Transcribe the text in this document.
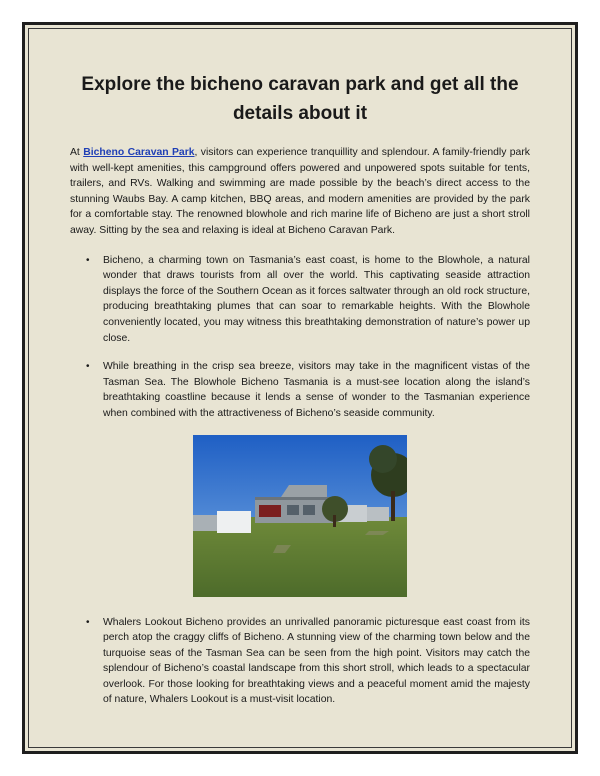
Explore the bicheno caravan park and get all the details about it

At Bicheno Caravan Park, visitors can experience tranquillity and splendour. A family-friendly park with well-kept amenities, this campground offers powered and unpowered spots suitable for tents, trailers, and RVs. Walking and swimming are made possible by the beach’s direct access to the stunning Waubs Bay. A camp kitchen, BBQ areas, and modern amenities are provided by the park for a comfortable stay. The renowned blowhole and rich marine life of Bicheno are just a short stroll away. Sitting by the sea and relaxing is ideal at Bicheno Caravan Park.

• Bicheno, a charming town on Tasmania’s east coast, is home to the Blowhole, a natural wonder that draws tourists from all over the world. This captivating seaside attraction displays the force of the Southern Ocean as it forces saltwater through an old rock structure, producing breathtaking plumes that can soar to remarkable heights. With the Blowhole conveniently located, you may witness this breathtaking demonstration of nature’s power up close.
• While breathing in the crisp sea breeze, visitors may take in the magnificent vistas of the Tasman Sea. The Blowhole Bicheno Tasmania is a must-see location along the island’s breathtaking coastline because it lends a sense of wonder to the Tasmanian experience when combined with the attractiveness of Bicheno’s seaside community.
• Whalers Lookout Bicheno provides an unrivalled panoramic picturesque east coast from its perch atop the craggy cliffs of Bicheno. A stunning view of the charming town below and the turquoise seas of the Tasman Sea can be seen from the high point. Visitors may catch the splendour of Bicheno’s coastal landscape from this short stroll, which leads to a spectacular overlook. For those looking for breathtaking views and a peaceful moment amid the majesty of nature, Whalers Lookout is a must-visit location.
